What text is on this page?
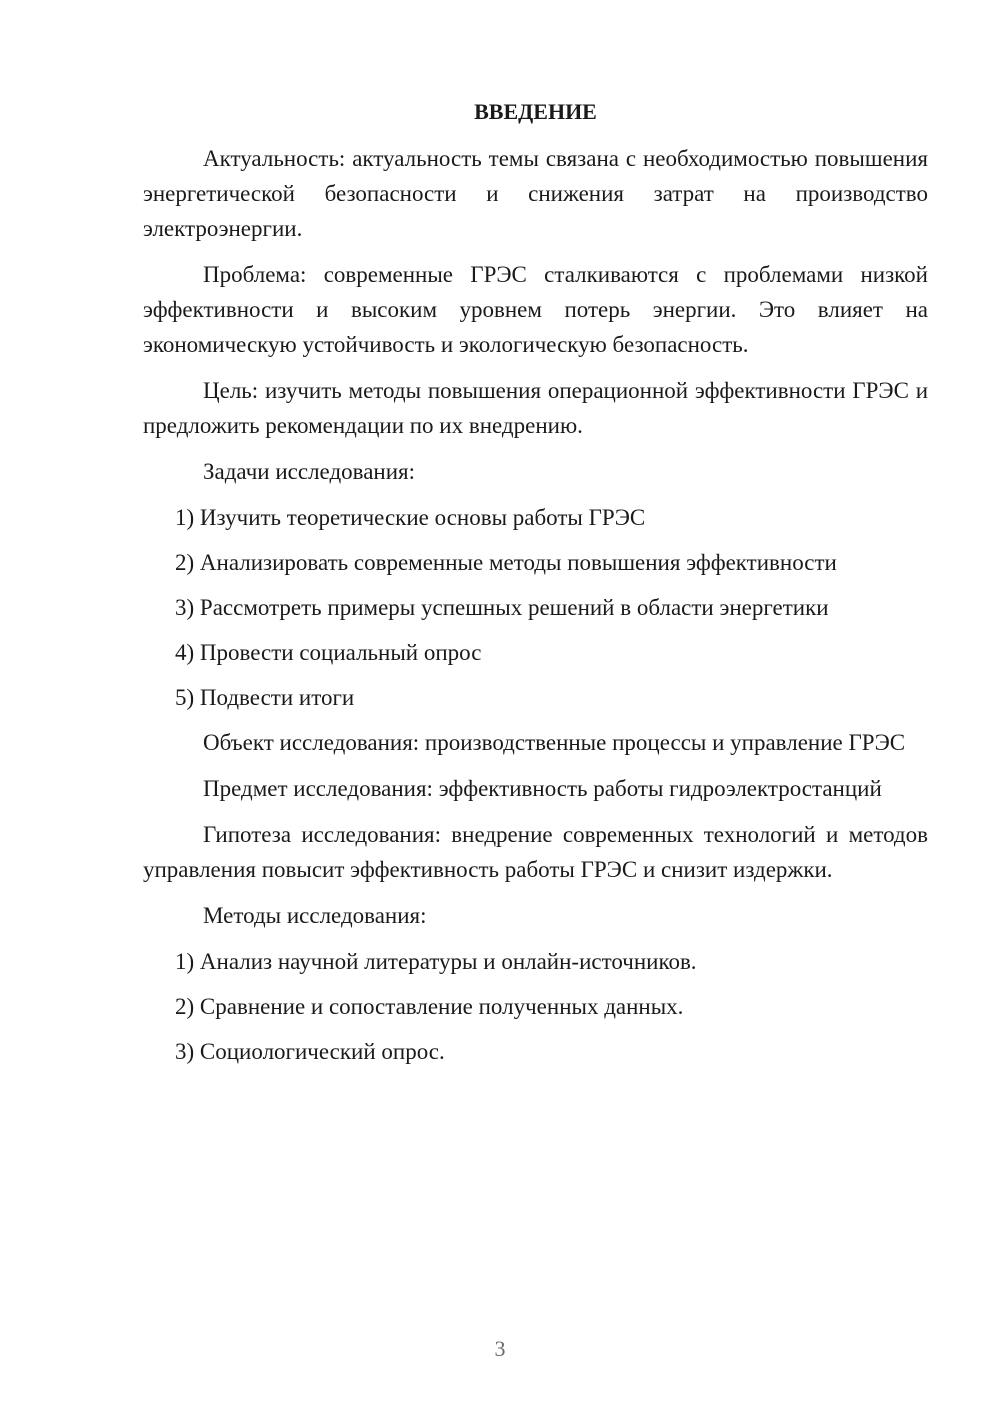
ВВЕДЕНИЕ

Актуальность: актуальность темы связана с необходимостью повышения энергетической безопасности и снижения затрат на производство электроэнергии.

Проблема: современные ГРЭС сталкиваются с проблемами низкой эффективности и высоким уровнем потерь энергии. Это влияет на экономическую устойчивость и экологическую безопасность.

Цель: изучить методы повышения операционной эффективности ГРЭС и предложить рекомендации по их внедрению.

Задачи исследования:

1) Изучить теоретические основы работы ГРЭС
2) Анализировать современные методы повышения эффективности
3) Рассмотреть примеры успешных решений в области энергетики
4) Провести социальный опрос
5) Подвести итоги

Объект исследования: производственные процессы и управление ГРЭС

Предмет исследования: эффективность работы гидроэлектростанций

Гипотеза исследования: внедрение современных технологий и методов управления повысит эффективность работы ГРЭС и снизит издержки.

Методы исследования:

1) Анализ научной литературы и онлайн-источников.
2) Сравнение и сопоставление полученных данных.
3) Социологический опрос.
3
